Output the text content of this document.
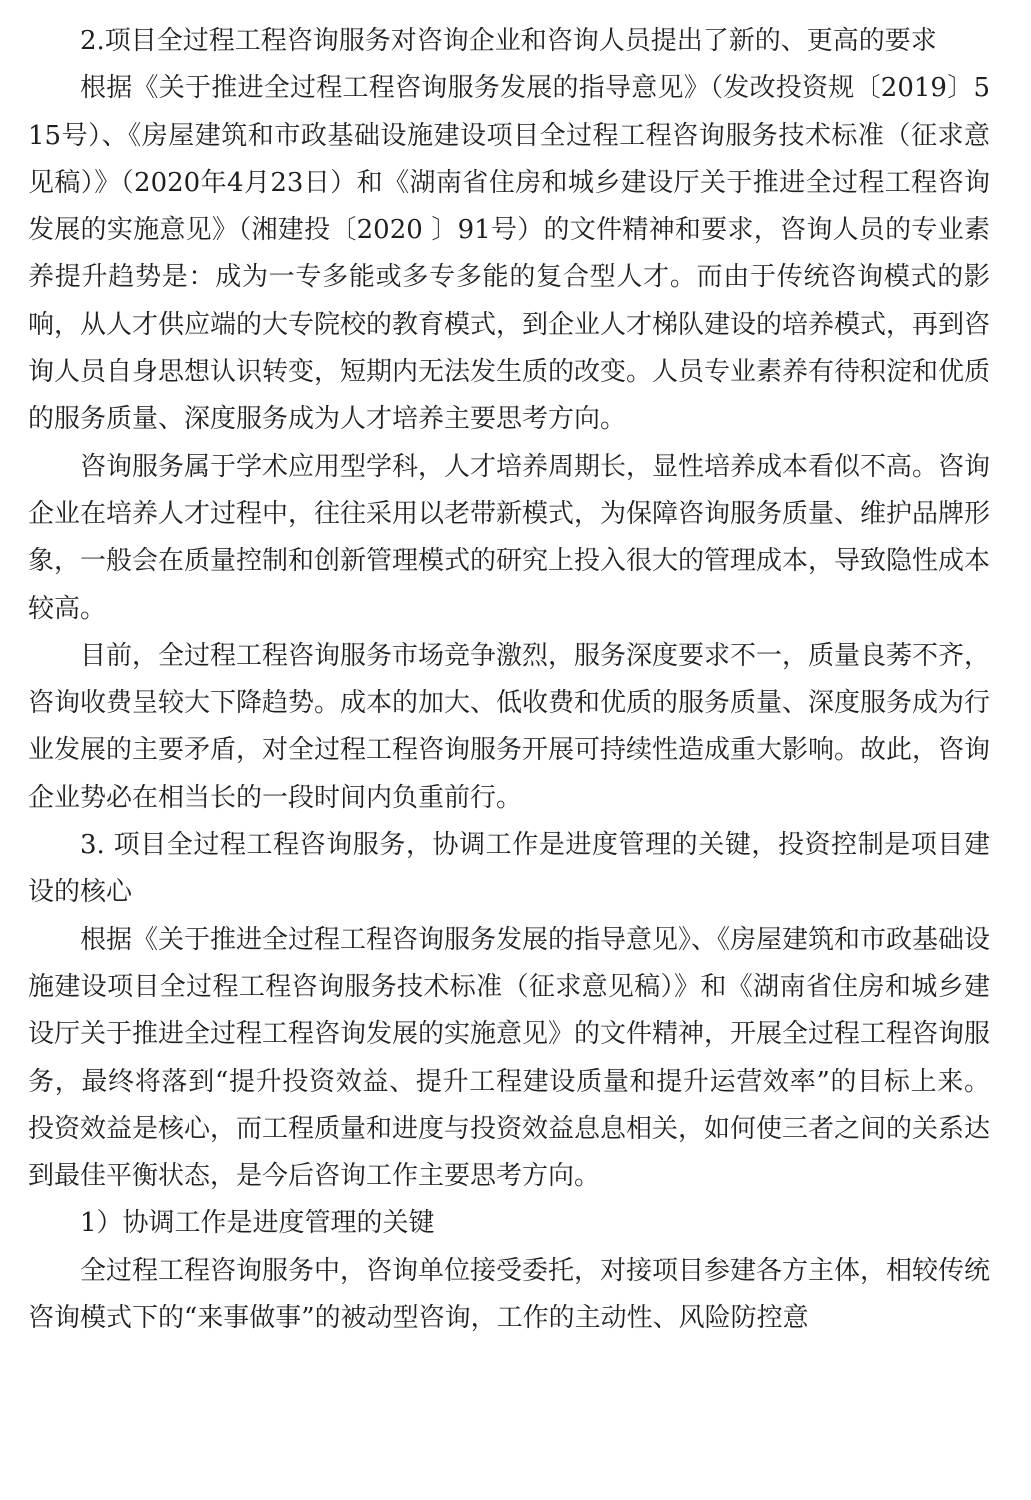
2.项目全过程工程咨询服务对咨询企业和咨询人员提出了新的、更高的要求

根据《关于推进全过程工程咨询服务发展的指导意见》（发改投资规〔2019〕515号）、《房屋建筑和市政基础设施建设项目全过程工程咨询服务技术标准（征求意见稿）》（2020年4月23日）和《湖南省住房和城乡建设厅关于推进全过程工程咨询发展的实施意见》（湘建投〔2020 〕91号）的文件精神和要求，咨询人员的专业素养提升趋势是：成为一专多能或多专多能的复合型人才。而由于传统咨询模式的影响，从人才供应端的大专院校的教育模式，到企业人才梯队建设的培养模式，再到咨询人员自身思想认识转变，短期内无法发生质的改变。人员专业素养有待积淀和优质的服务质量、深度服务成为人才培养主要思考方向。

咨询服务属于学术应用型学科，人才培养周期长，显性培养成本看似不高。咨询企业在培养人才过程中，往往采用以老带新模式，为保障咨询服务质量、维护品牌形象，一般会在质量控制和创新管理模式的研究上投入很大的管理成本，导致隐性成本较高。

目前，全过程工程咨询服务市场竞争激烈，服务深度要求不一，质量良莠不齐，咨询收费呈较大下降趋势。成本的加大、低收费和优质的服务质量、深度服务成为行业发展的主要矛盾，对全过程工程咨询服务开展可持续性造成重大影响。故此，咨询企业势必在相当长的一段时间内负重前行。

3. 项目全过程工程咨询服务，协调工作是进度管理的关键，投资控制是项目建设的核心

根据《关于推进全过程工程咨询服务发展的指导意见》、《房屋建筑和市政基础设施建设项目全过程工程咨询服务技术标准（征求意见稿）》和《湖南省住房和城乡建设厅关于推进全过程工程咨询发展的实施意见》的文件精神，开展全过程工程咨询服务，最终将落到“提升投资效益、提升工程建设质量和提升运营效率”的目标上来。投资效益是核心，而工程质量和进度与投资效益息息相关，如何使三者之间的关系达到最佳平衡状态，是今后咨询工作主要思考方向。

1）协调工作是进度管理的关键

全过程工程咨询服务中，咨询单位接受委托，对接项目参建各方主体，相较传统咨询模式下的“来事做事”的被动型咨询，工作的主动性、风险防控意
